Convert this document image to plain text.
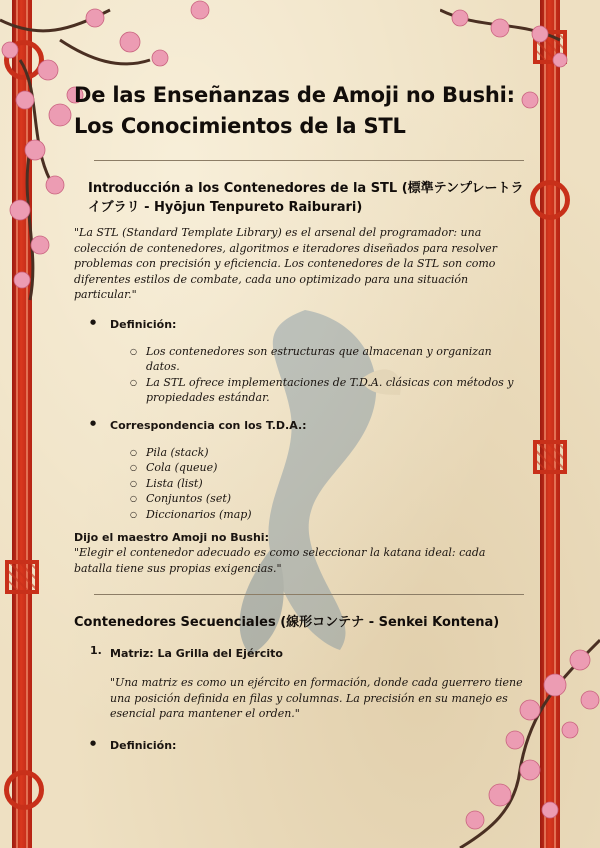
De las Enseñanzas de Amoji no Bushi: Los Conocimientos de la STL
Introducción a los Contenedores de la STL (標準テンプレートライブラリ - Hyōjun Tenpureto Raiburari)

"La STL (Standard Template Library) es el arsenal del programador: una colección de contenedores, algoritmos e iteradores diseñados para resolver problemas con precisión y eficiencia. Los contenedores de la STL son como diferentes estilos de combate, cada uno optimizado para una situación particular."

● Definición:
○ Los contenedores son estructuras que almacenan y organizan datos.
○ La STL ofrece implementaciones de T.D.A. clásicas con métodos y propiedades estándar.
● Correspondencia con los T.D.A.:
○ Pila (stack)
○ Cola (queue)
○ Lista (list)
○ Conjuntos (set)
○ Diccionarios (map)
Dijo el maestro Amoji no Bushi:
"Elegir el contenedor adecuado es como seleccionar la katana ideal: cada batalla tiene sus propias exigencias."
Contenedores Secuenciales (線形コンテナ - Senkei Kontena)
1. Matriz: La Grilla del Ejército

"Una matriz es como un ejército en formación, donde cada guerrero tiene una posición definida en filas y columnas. La precisión en su manejo es esencial para mantener el orden."

● Definición:
